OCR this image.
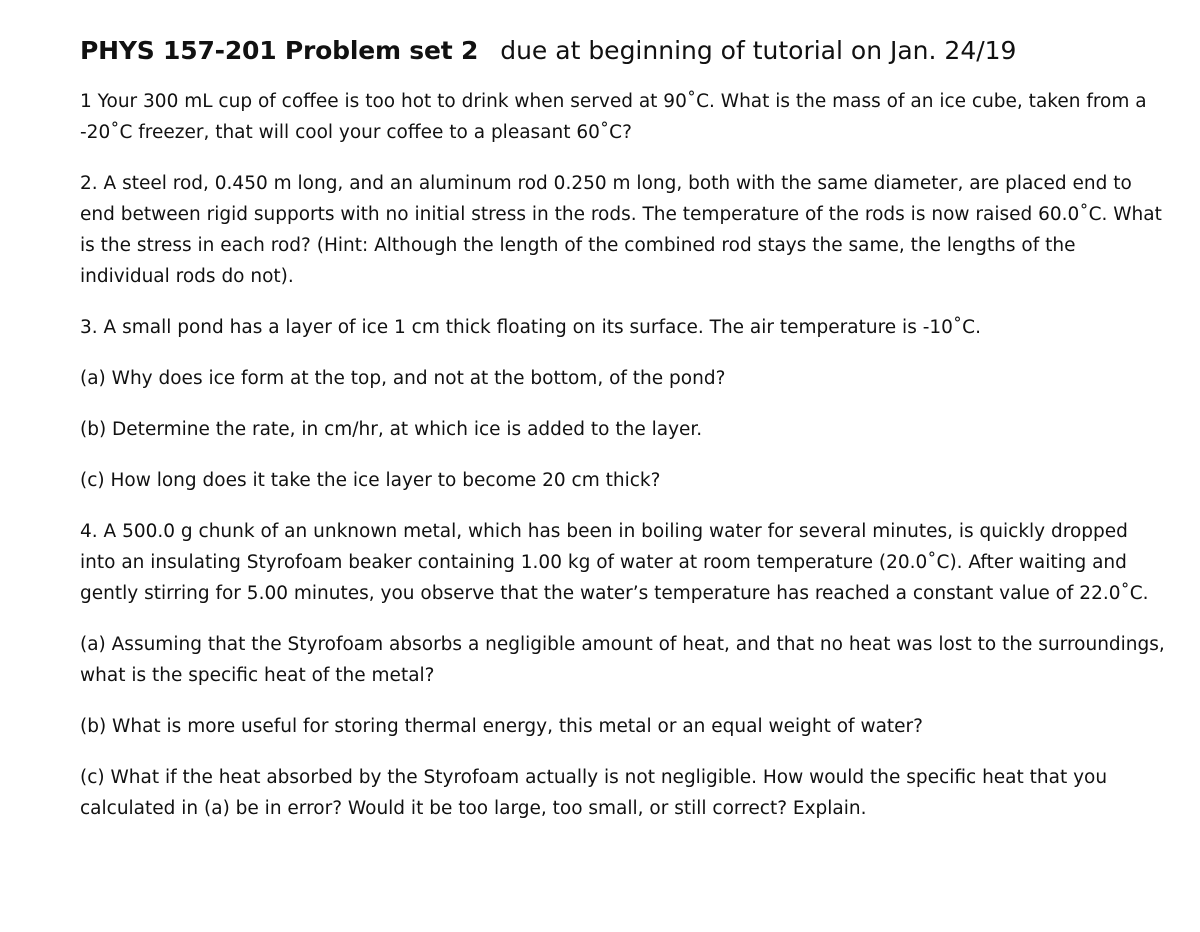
PHYS 157-201 Problem set 2 due at beginning of tutorial on Jan. 24/19

1 Your 300 mL cup of coffee is too hot to drink when served at 90˚C. What is the mass of an ice cube, taken from a -20˚C freezer, that will cool your coffee to a pleasant 60˚C?

2. A steel rod, 0.450 m long, and an aluminum rod 0.250 m long, both with the same diameter, are placed end to end between rigid supports with no initial stress in the rods. The temperature of the rods is now raised 60.0˚C. What is the stress in each rod? (Hint: Although the length of the combined rod stays the same, the lengths of the individual rods do not).

3. A small pond has a layer of ice 1 cm thick floating on its surface. The air temperature is -10˚C.

(a) Why does ice form at the top, and not at the bottom, of the pond?

(b) Determine the rate, in cm/hr, at which ice is added to the layer.

(c) How long does it take the ice layer to become 20 cm thick?

4. A 500.0 g chunk of an unknown metal, which has been in boiling water for several minutes, is quickly dropped into an insulating Styrofoam beaker containing 1.00 kg of water at room temperature (20.0˚C). After waiting and gently stirring for 5.00 minutes, you observe that the water’s temperature has reached a constant value of 22.0˚C.

(a) Assuming that the Styrofoam absorbs a negligible amount of heat, and that no heat was lost to the surroundings, what is the specific heat of the metal?

(b) What is more useful for storing thermal energy, this metal or an equal weight of water?

(c) What if the heat absorbed by the Styrofoam actually is not negligible. How would the specific heat that you calculated in (a) be in error? Would it be too large, too small, or still correct? Explain.
